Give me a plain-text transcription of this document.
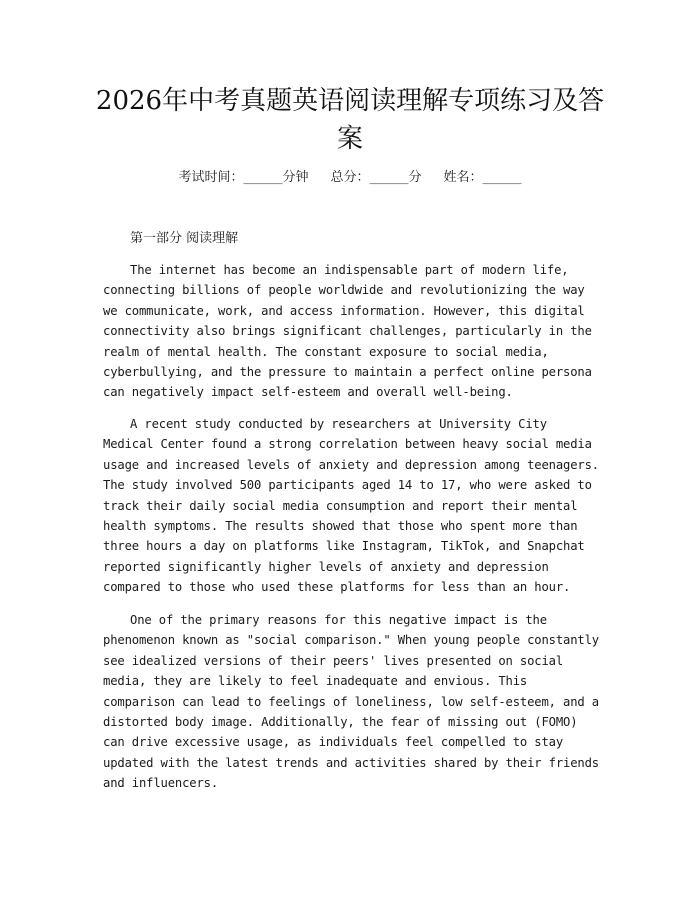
2026年中考真题英语阅读理解专项练习及答案
考试时间：______分钟 总分：______分 姓名：______
第一部分 阅读理解

The internet has become an indispensable part of modern life, connecting billions of people worldwide and revolutionizing the way we communicate, work, and access information. However, this digital connectivity also brings significant challenges, particularly in the realm of mental health. The constant exposure to social media, cyberbullying, and the pressure to maintain a perfect online persona can negatively impact self-esteem and overall well-being.

A recent study conducted by researchers at University City Medical Center found a strong correlation between heavy social media usage and increased levels of anxiety and depression among teenagers. The study involved 500 participants aged 14 to 17, who were asked to track their daily social media consumption and report their mental health symptoms. The results showed that those who spent more than three hours a day on platforms like Instagram, TikTok, and Snapchat reported significantly higher levels of anxiety and depression compared to those who used these platforms for less than an hour.

One of the primary reasons for this negative impact is the phenomenon known as "social comparison." When young people constantly see idealized versions of their peers' lives presented on social media, they are likely to feel inadequate and envious. This comparison can lead to feelings of loneliness, low self-esteem, and a distorted body image. Additionally, the fear of missing out (FOMO) can drive excessive usage, as individuals feel compelled to stay updated with the latest trends and activities shared by their friends and influencers.
